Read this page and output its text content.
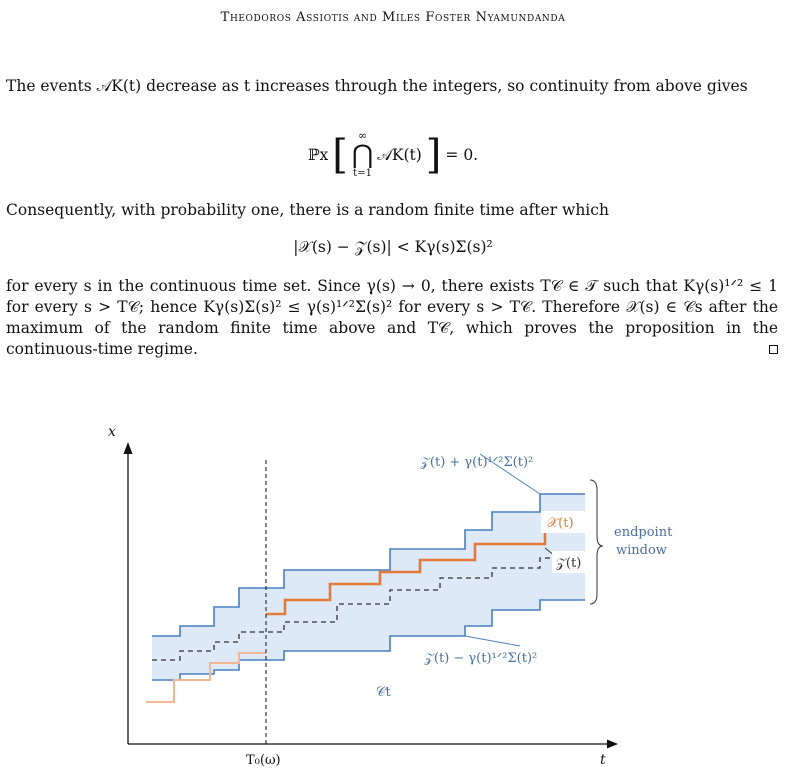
Theodoros Assiotis and Miles Foster Nyamundanda
The events 𝒜K(t) decrease as t increases through the integers, so continuity from above gives
ℙx [ ∞
⋂
t=1
𝒜K(t) ] = 0.
Consequently, with probability one, there is a random finite time after which
|𝒳(s) − 𝒵(s)| < Kγ(s)Σ(s)²
for every s in the continuous time set. Since γ(s) → 0, there exists T𝒞 ∈ 𝒯 such that Kγ(s)¹ᐟ² ≤ 1 for every s > T𝒞; hence Kγ(s)Σ(s)² ≤ γ(s)¹ᐟ²Σ(s)² for every s > T𝒞. Therefore 𝒳(s) ∈ 𝒞s after the maximum of the random finite time above and T𝒞, which proves the proposition in the continuous-time regime.
x
t
T₀(ω)
𝒵(t) + γ(t)¹ᐟ²Σ(t)²
𝒵(t) − γ(t)¹ᐟ²Σ(t)²
𝒳(t)
𝒵(t)
endpoint
window
𝒞t
